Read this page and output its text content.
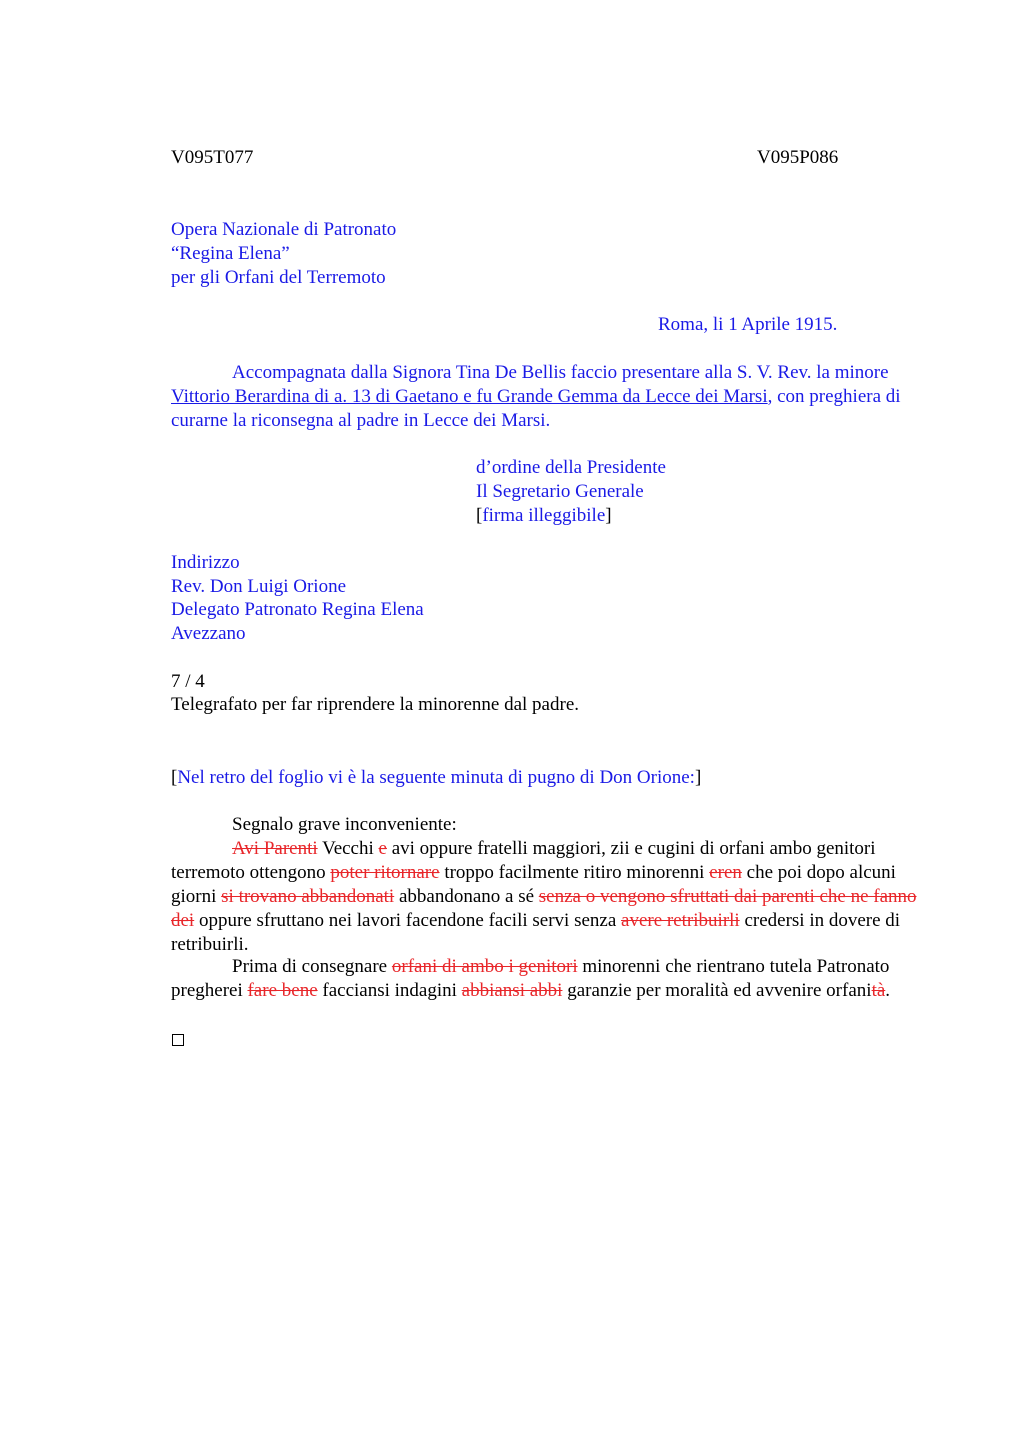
V095T077	V095P086
Opera Nazionale di Patronato
“Regina Elena”
per gli Orfani del Terremoto
Roma, li 1 Aprile 1915.

Accompagnata dalla Signora Tina De Bellis faccio presentare alla S. V. Rev. la minore Vittorio Berardina di a. 13 di Gaetano e fu Grande Gemma da Lecce dei Marsi, con preghiera di curarne la riconsegna al padre in Lecce dei Marsi.

d’ordine della Presidente
Il Segretario Generale
[firma illeggibile]
Indirizzo
Rev. Don Luigi Orione
Delegato Patronato Regina Elena
Avezzano
7 / 4
Telegrafato per far riprendere la minorenne dal padre.
[Nel retro del foglio vi è la seguente minuta di pugno di Don Orione:]
Segnalo grave inconveniente:

Avi Parenti Vecchi e avi oppure fratelli maggiori, zii e cugini di orfani ambo genitori terremoto ottengono poter ritornare troppo facilmente ritiro minorenni eren che poi dopo alcuni giorni si trovano abbandonati abbandonano a sé senza o vengono sfruttati dai parenti che ne fanno dei oppure sfruttano nei lavori facendone facili servi senza avere retribuirli credersi in dovere di retribuirli.

Prima di consegnare orfani di ambo i genitori minorenni che rientrano tutela Patronato pregherei fare bene facciansi indagini abbiansi abbi garanzie per moralità ed avvenire orfanità.
